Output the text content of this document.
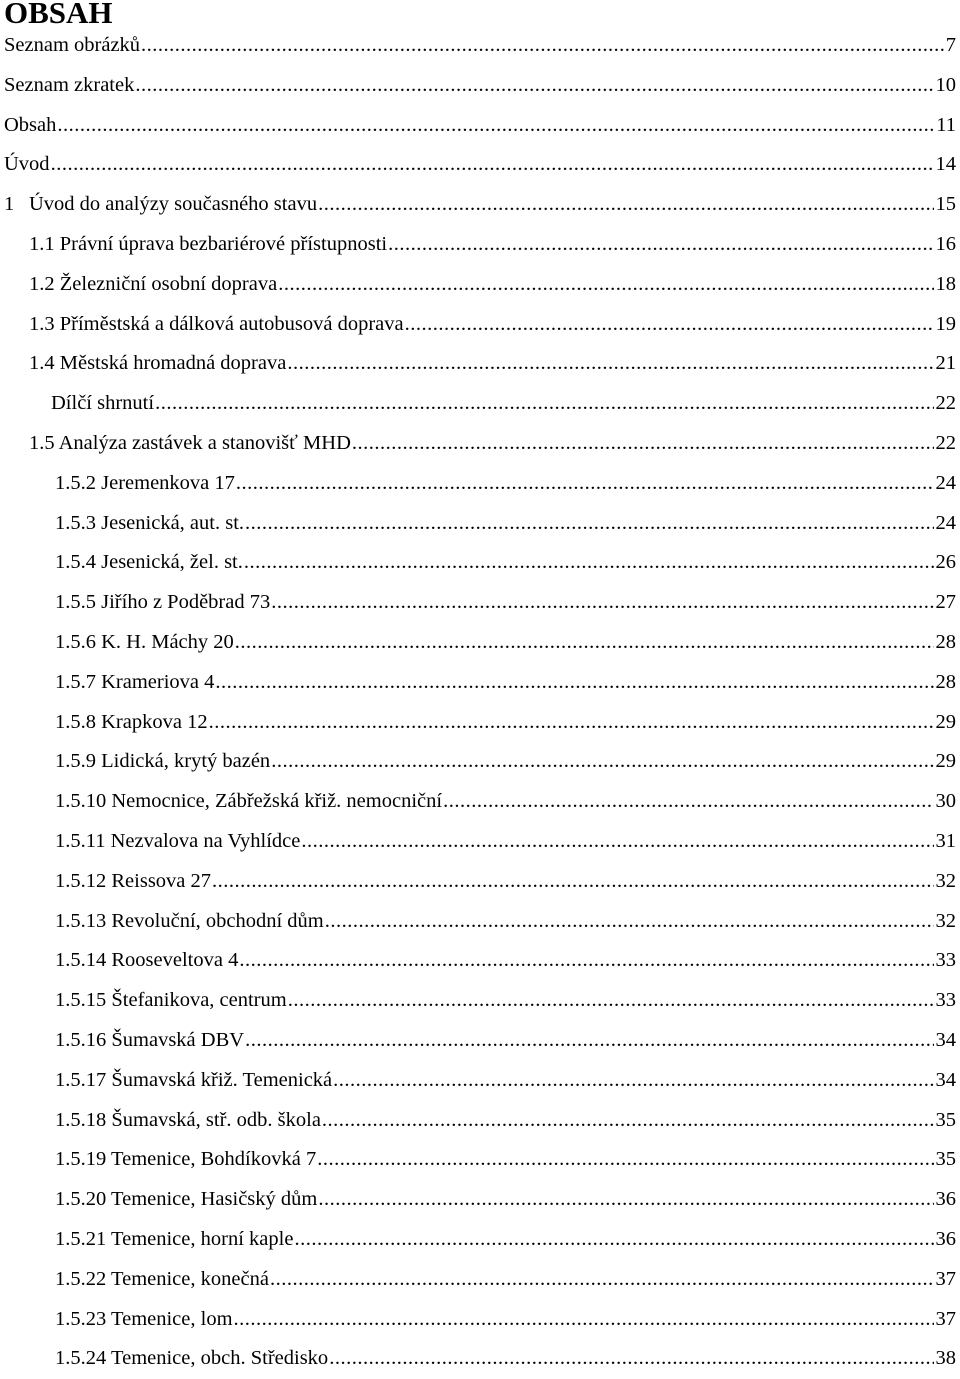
OBSAH
Seznam obrázků .....	7
Seznam zkratek .....	10
Obsah .....	11
Úvod .....	14
1 Úvod do analýzy současného stavu .....	15
1.1 Právní úprava bezbariérové přístupnosti .....	16
1.2 Železniční osobní doprava .....	18
1.3 Příměstská a dálková autobusová doprava .....	19
1.4 Městská hromadná doprava .....	21
Dílčí shrnutí .....	22
1.5 Analýza zastávek a stanovišť MHD .....	22
1.5.2 Jeremenkova 17 .....	24
1.5.3 Jesenická, aut. st. .....	24
1.5.4 Jesenická, žel. st. .....	26
1.5.5 Jiřího z Poděbrad 73 .....	27
1.5.6 K. H. Máchy 20 .....	28
1.5.7 Krameriova 4 .....	28
1.5.8 Krapkova 12 .....	29
1.5.9 Lidická, krytý bazén .....	29
1.5.10 Nemocnice, Zábřežská křiž. nemocniční .....	30
1.5.11 Nezvalova na Vyhlídce .....	31
1.5.12 Reissova 27 .....	32
1.5.13 Revoluční, obchodní dům .....	32
1.5.14 Rooseveltova 4 .....	33
1.5.15 Štefanikova, centrum .....	33
1.5.16 Šumavská DBV .....	34
1.5.17 Šumavská křiž. Temenická .....	34
1.5.18 Šumavská, stř. odb. škola .....	35
1.5.19 Temenice, Bohdíkovká 7 .....	35
1.5.20 Temenice, Hasičský dům .....	36
1.5.21 Temenice, horní kaple .....	36
1.5.22 Temenice, konečná .....	37
1.5.23 Temenice, lom .....	37
1.5.24 Temenice, obch. Středisko .....	38
